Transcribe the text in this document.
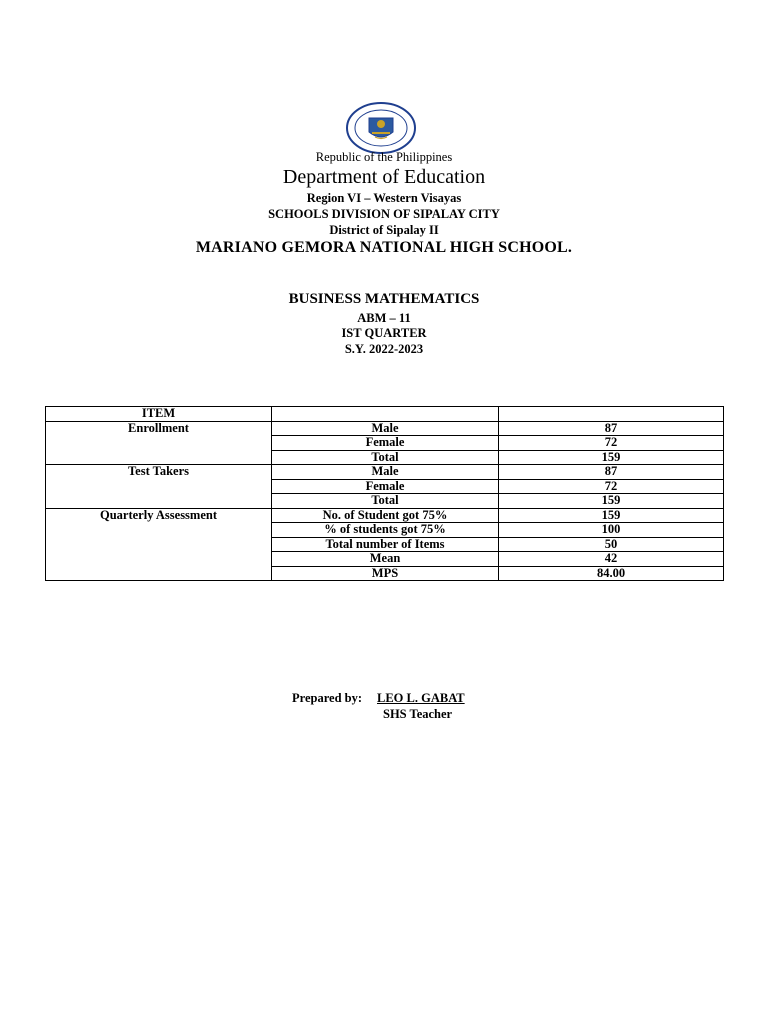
Republic of the Philippines
Department of Education
Region VI – Western Visayas
SCHOOLS DIVISION OF SIPALAY CITY
District of Sipalay II
MARIANO GEMORA NATIONAL HIGH SCHOOL.
BUSINESS MATHEMATICS
ABM – 11
IST QUARTER
S.Y. 2022-2023
ITEM		
Enrollment	Male	87
	Female	72
	Total	159
Test Takers	Male	87
	Female	72
	Total	159
Quarterly Assessment	No. of Student got 75%	159
	% of students got 75%	100
	Total number of Items	50
	Mean	42
	MPS	84.00
Prepared by: LEO L. GABAT
SHS Teacher
